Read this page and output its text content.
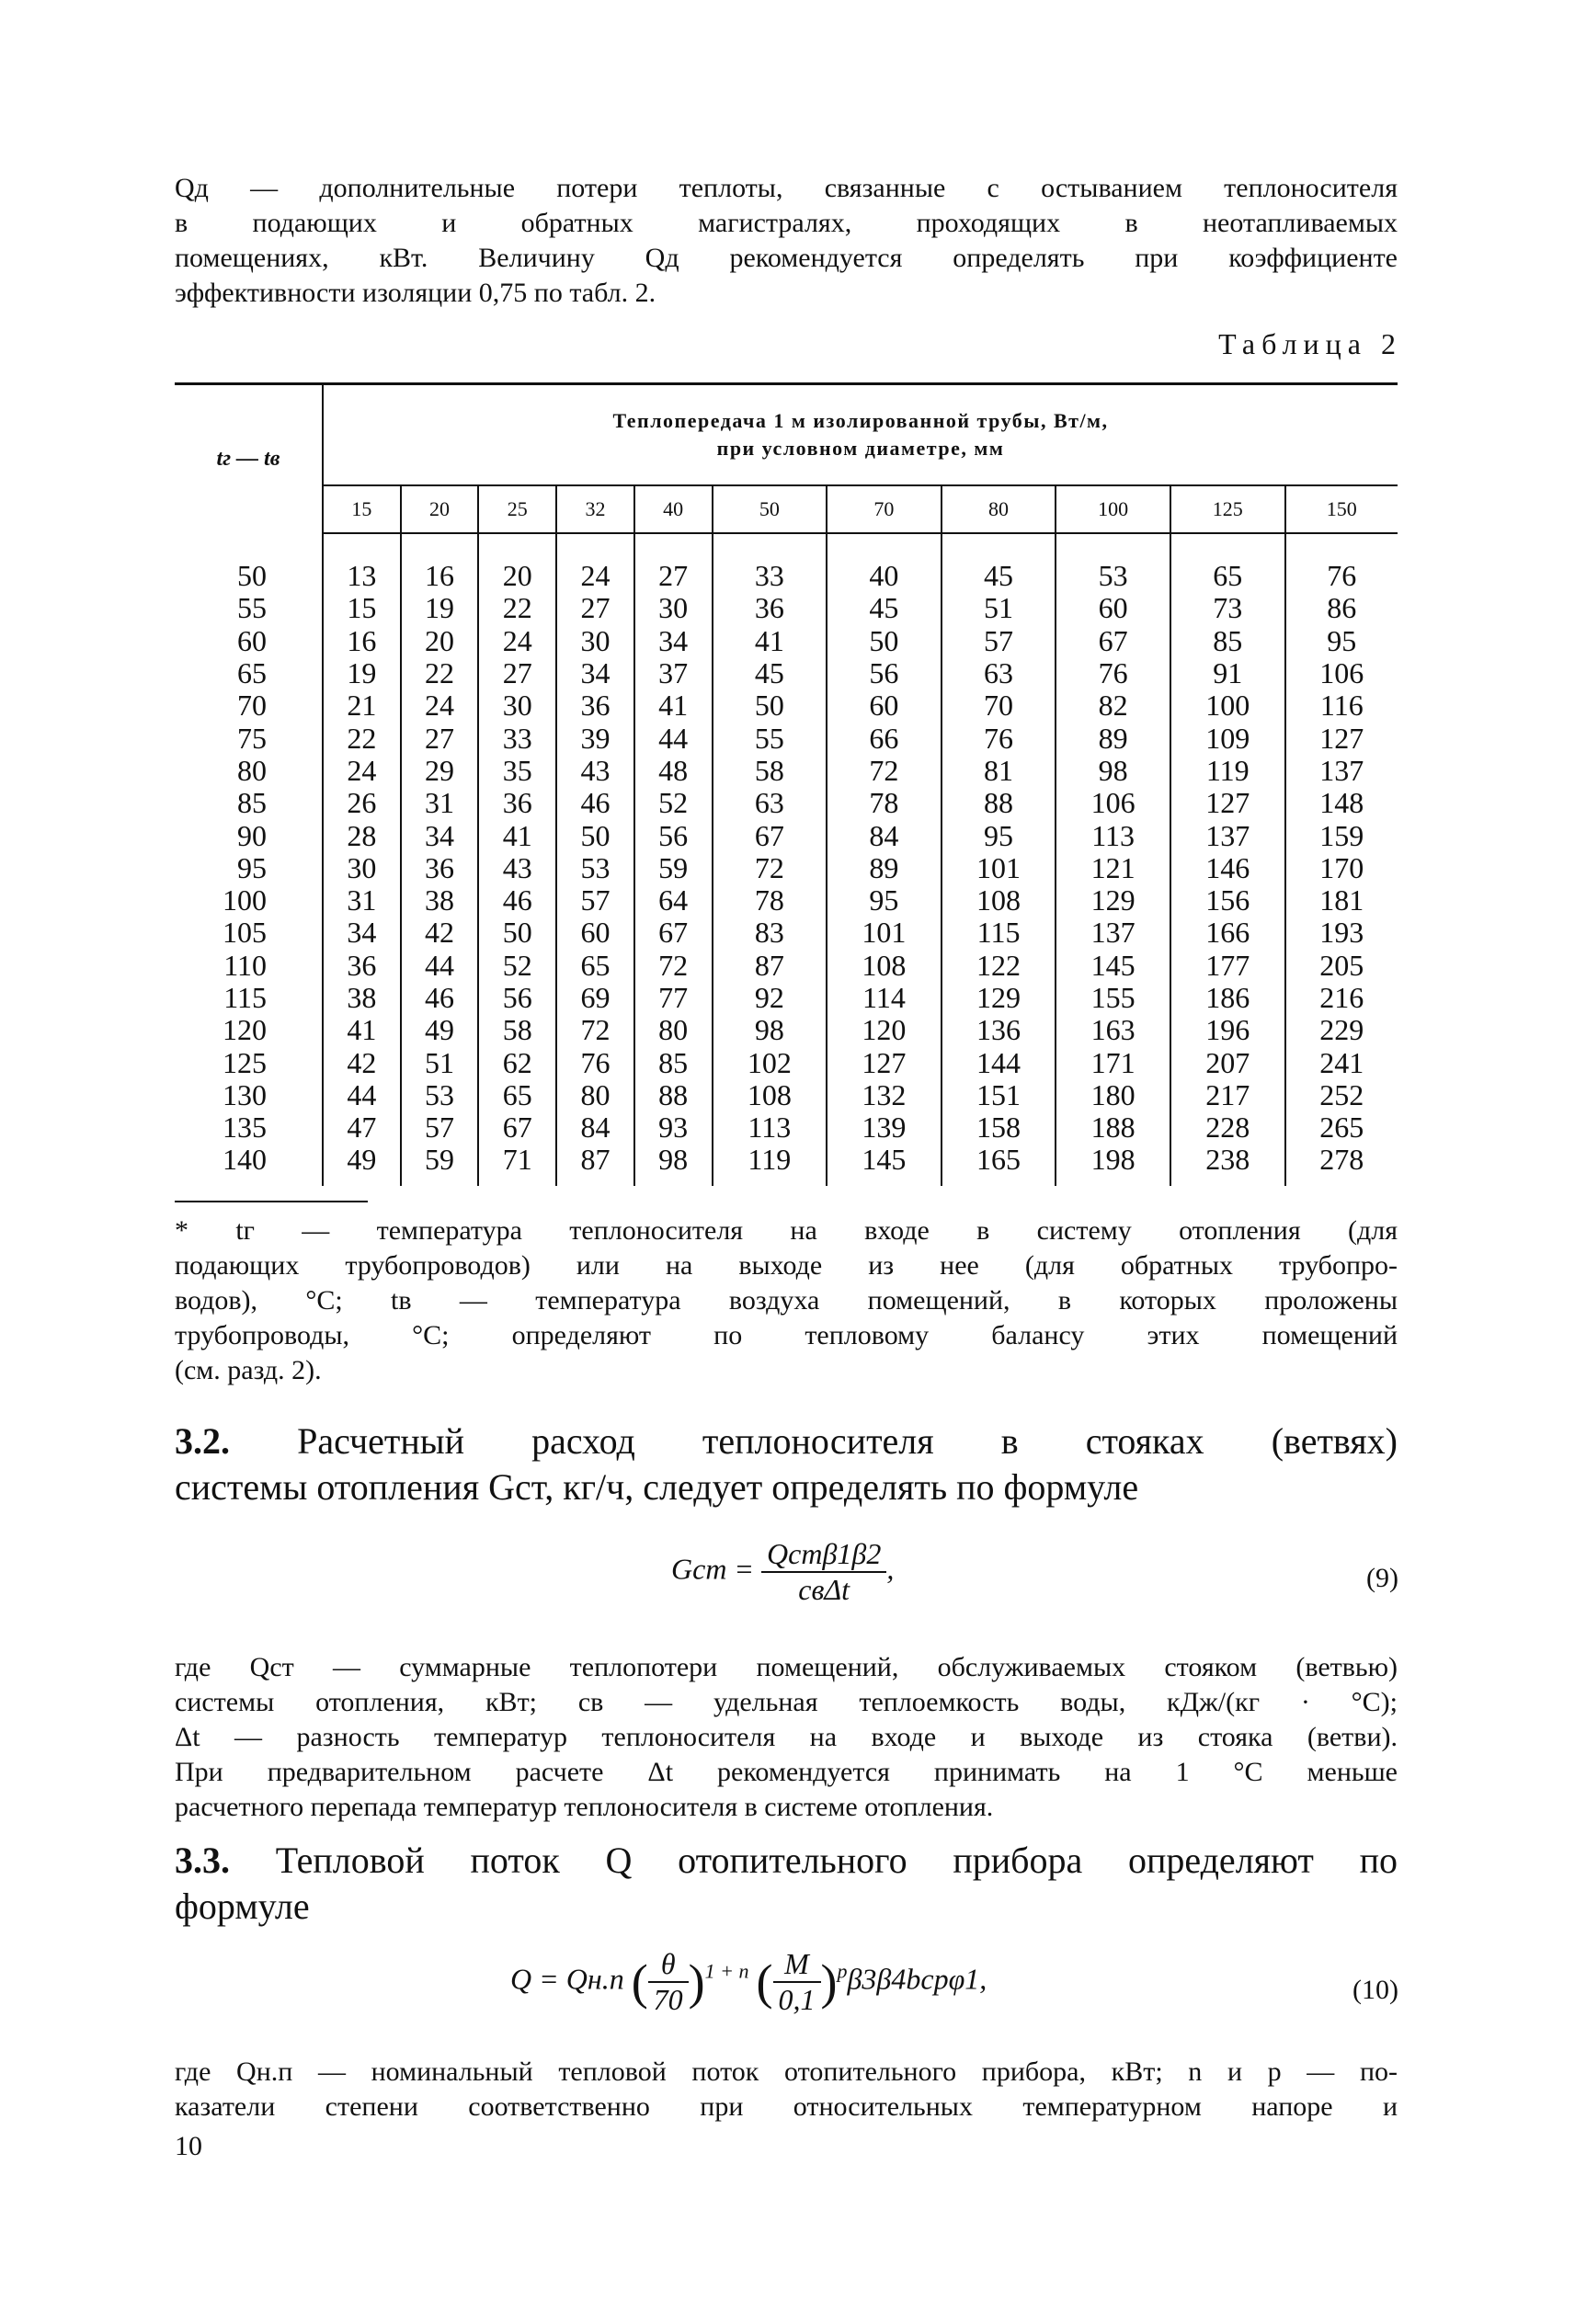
Qд — дополнительные потери теплоты, связанные с остыванием теплоносителя
в подающих и обратных магистралях, проходящих в неотапливаемых
помещениях, кВт. Величину Qд рекомендуется определять при коэффициенте
эффективности изоляции 0,75 по табл. 2.
Таблица 2
tг — tв	Теплопередача 1 м изолированной трубы, Вт/м,
при условном диаметре, мм										
	15	20	25	32	40	50	70	80	100	125	150
50	13	16	20	24	27	33	40	45	53	65	76
55	15	19	22	27	30	36	45	51	60	73	86
60	16	20	24	30	34	41	50	57	67	85	95
65	19	22	27	34	37	45	56	63	76	91	106
70	21	24	30	36	41	50	60	70	82	100	116
75	22	27	33	39	44	55	66	76	89	109	127
80	24	29	35	43	48	58	72	81	98	119	137
85	26	31	36	46	52	63	78	88	106	127	148
90	28	34	41	50	56	67	84	95	113	137	159
95	30	36	43	53	59	72	89	101	121	146	170
100	31	38	46	57	64	78	95	108	129	156	181
105	34	42	50	60	67	83	101	115	137	166	193
110	36	44	52	65	72	87	108	122	145	177	205
115	38	46	56	69	77	92	114	129	155	186	216
120	41	49	58	72	80	98	120	136	163	196	229
125	42	51	62	76	85	102	127	144	171	207	241
130	44	53	65	80	88	108	132	151	180	217	252
135	47	57	67	84	93	113	139	158	188	228	265
140	49	59	71	87	98	119	145	165	198	238	278
* tг — температура теплоносителя на входе в систему отопления (для
подающих трубопроводов) или на выходе из нее (для обратных трубопро-
водов), °С; tв — температура воздуха помещений, в которых проложены
трубопроводы, °С; определяют по тепловому балансу этих помещений
(см. разд. 2).
3.2. Расчетный расход теплоносителя в стояках (ветвях)
системы отопления Gст, кг/ч, следует определять по формуле
Gст = $\frac{\text{Qстβ1β2}}{\text{cвΔt}}$ ,	(9)
где Qст — суммарные теплопотери помещений, обслуживаемых стояком (ветвью)
системы отопления, кВт; cв — удельная теплоемкость воды, кДж/(кг · °С);
Δt — разность температур теплоносителя на входе и выходе из стояка (ветви).
При предварительном расчете Δt рекомендуется принимать на 1 °С меньше
расчетного перепада температур теплоносителя в системе отопления.
3.3. Тепловой поток Q отопительного прибора определяют по
формуле
Q = Qн.п ( $\frac{\theta}{70} )^{1 + n}$ ( $\frac{M}{0,1} )^p\beta 3\beta 4bcp\varphi 1$,	(10)
где Qн.п — номинальный тепловой поток отопительного прибора, кВт; n и p — по-
казатели степени соответственно при относительных температурном напоре и
10
